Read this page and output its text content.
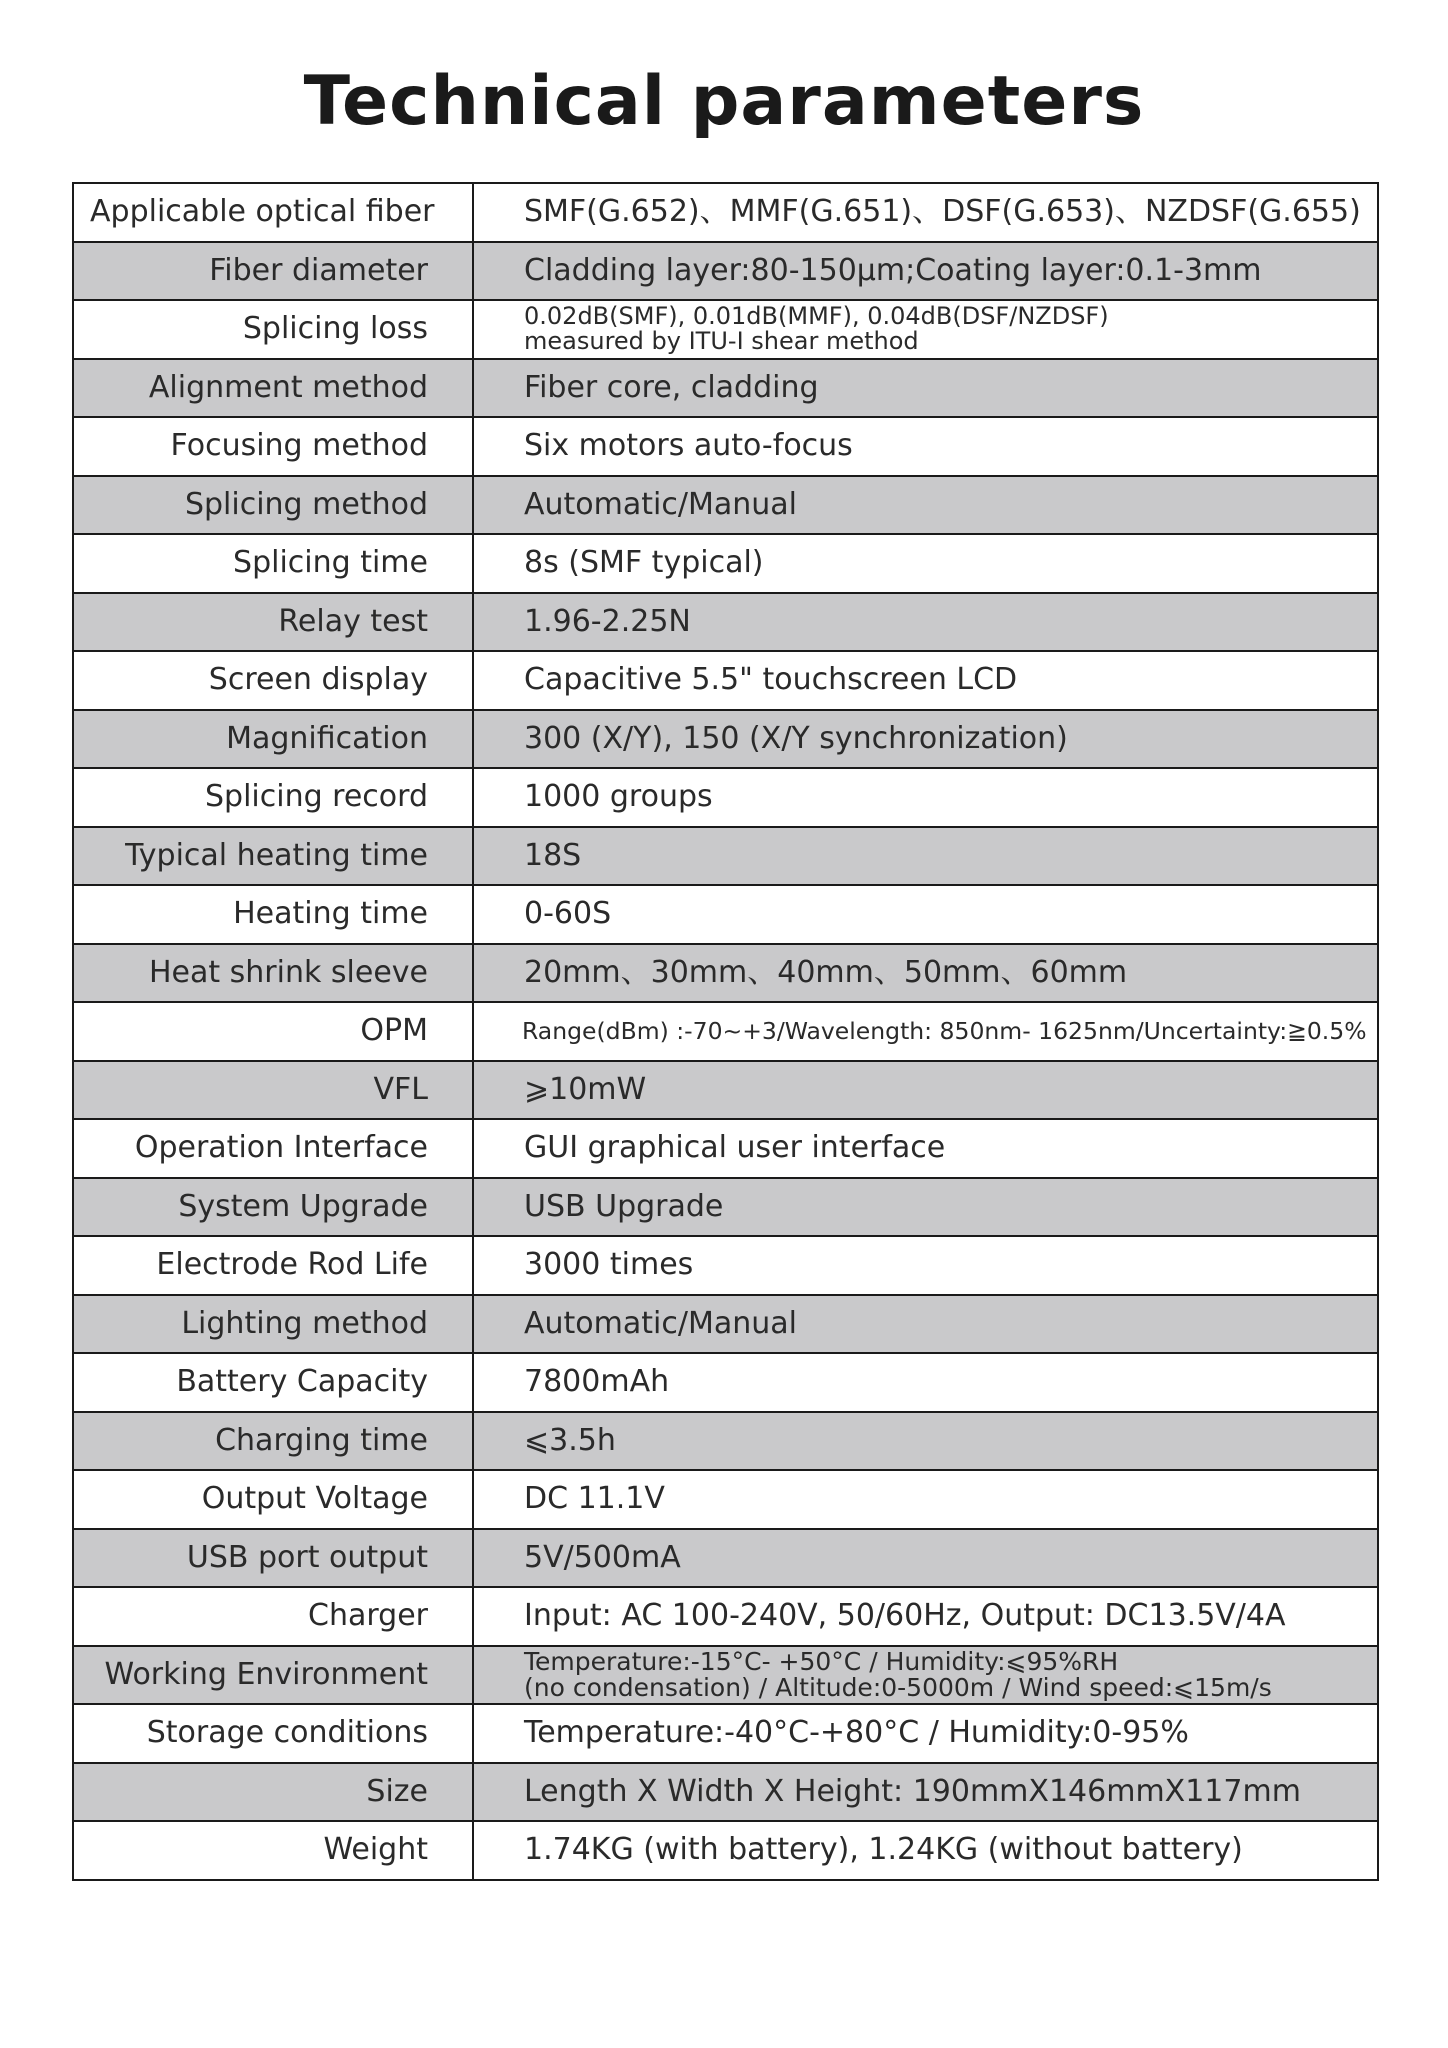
Technical parameters
Applicable optical fiber	SMF(G.652)、MMF(G.651)、DSF(G.653)、NZDSF(G.655)
Fiber diameter	Cladding layer:80-150μm;Coating layer:0.1-3mm
Splicing loss	0.02dB(SMF), 0.01dB(MMF), 0.04dB(DSF/NZDSF)
measured by ITU-I shear method

Alignment method	Fiber core, cladding
Focusing method	Six motors auto-focus
Splicing method	Automatic/Manual
Splicing time	8s (SMF typical)
Relay test	1.96-2.25N
Screen display	Capacitive 5.5" touchscreen LCD
Magnification	300 (X/Y), 150 (X/Y synchronization)
Splicing record	1000 groups
Typical heating time	18S
Heating time	0-60S
Heat shrink sleeve	20mm、30mm、40mm、50mm、60mm
OPM	Range(dBm) :-70~+3/Wavelength: 850nm- 1625nm/Uncertainty:≧0.5%
VFL	⩾10mW
Operation Interface	GUI graphical user interface
System Upgrade	USB Upgrade
Electrode Rod Life	3000 times
Lighting method	Automatic/Manual
Battery Capacity	7800mAh
Charging time	⩽3.5h
Output Voltage	DC 11.1V
USB port output	5V/500mA
Charger	Input: AC 100-240V, 50/60Hz, Output: DC13.5V/4A
Working Environment	Temperature:-15°C- +50°C / Humidity:⩽95%RH
(no condensation) / Altitude:0-5000m / Wind speed:⩽15m/s

Storage conditions	Temperature:-40°C-+80°C / Humidity:0-95%
Size	Length X Width X Height: 190mmX146mmX117mm
Weight	1.74KG (with battery), 1.24KG (without battery)
